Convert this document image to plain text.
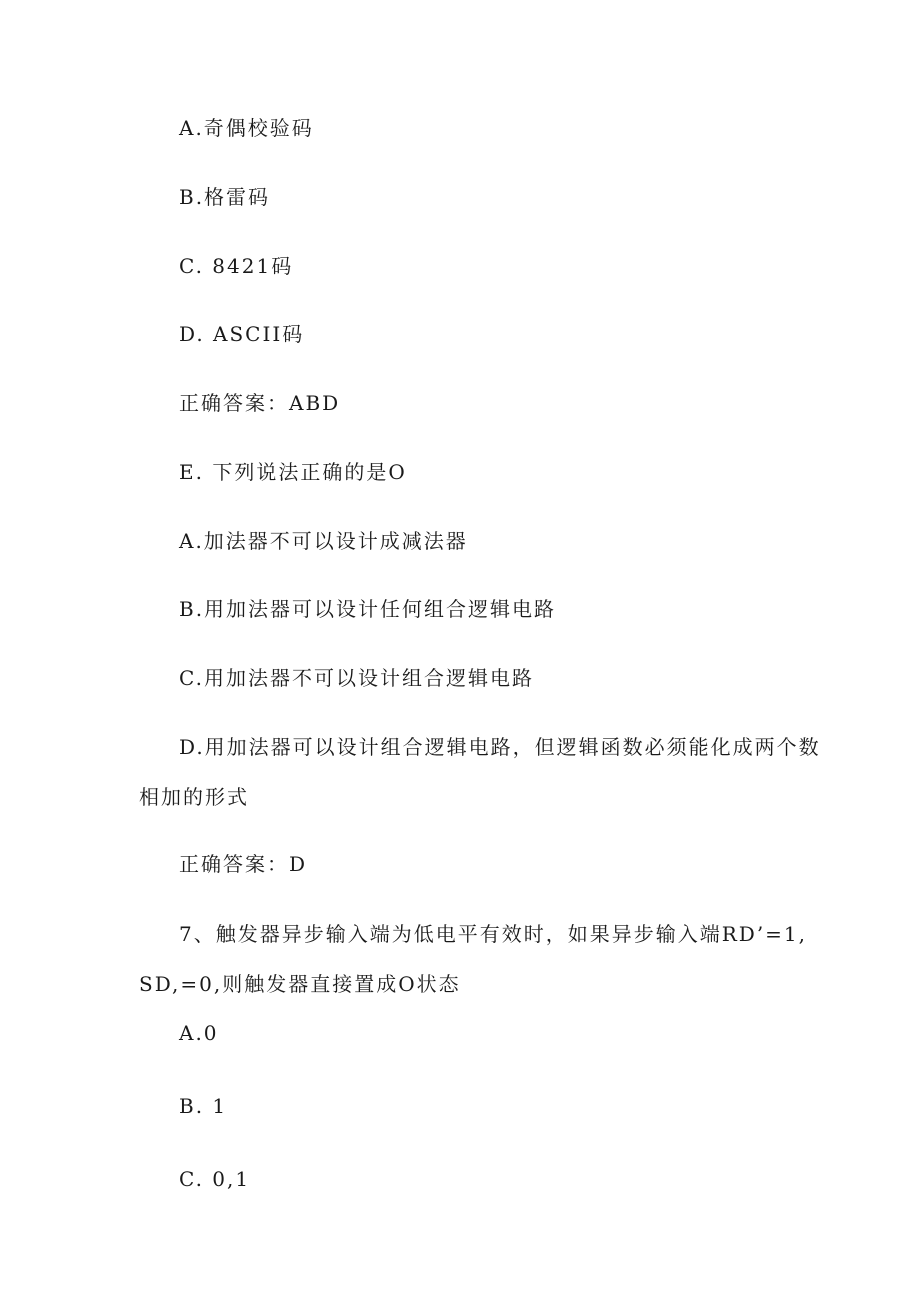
A.奇偶校验码
B.格雷码
C. 8421码
D. ASCII码
正确答案：ABD
E. 下列说法正确的是O
A.加法器不可以设计成减法器
B.用加法器可以设计任何组合逻辑电路
C.用加法器不可以设计组合逻辑电路
D.用加法器可以设计组合逻辑电路，但逻辑函数必须能化成两个数
相加的形式
正确答案：D
7、触发器异步输入端为低电平有效时，如果异步输入端RD’=1,
SD,=0,则触发器直接置成O状态
A.0
B. 1
C. 0,1
